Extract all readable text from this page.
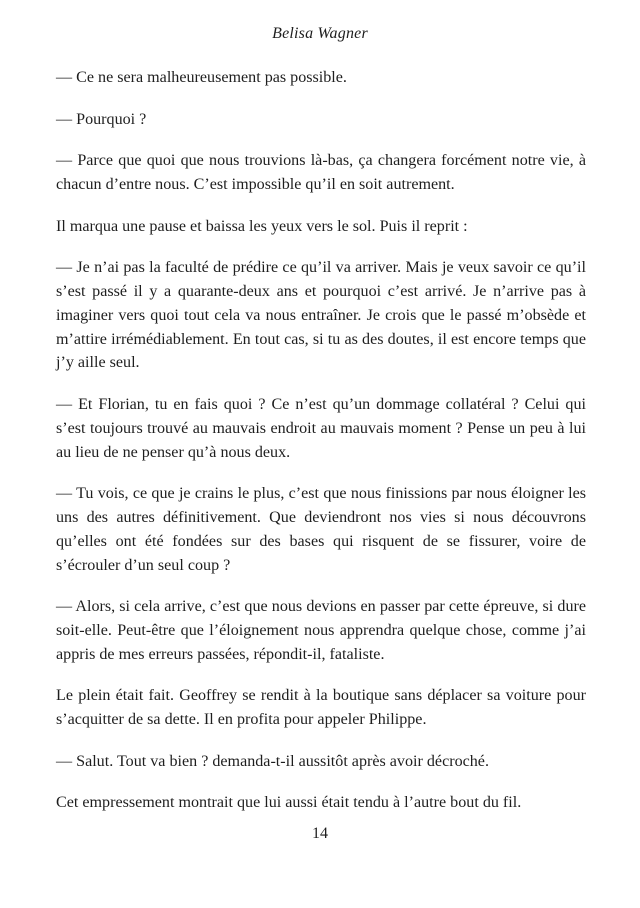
Belisa Wagner

— Ce ne sera malheureusement pas possible.

— Pourquoi ?

— Parce que quoi que nous trouvions là-bas, ça changera forcément notre vie, à chacun d’entre nous. C’est impossible qu’il en soit autrement.

Il marqua une pause et baissa les yeux vers le sol. Puis il reprit :

— Je n’ai pas la faculté de prédire ce qu’il va arriver. Mais je veux savoir ce qu’il s’est passé il y a quarante-deux ans et pourquoi c’est arrivé. Je n’arrive pas à imaginer vers quoi tout cela va nous entraîner. Je crois que le passé m’obsède et m’attire irrémédiablement. En tout cas, si tu as des doutes, il est encore temps que j’y aille seul.

— Et Florian, tu en fais quoi ? Ce n’est qu’un dommage collatéral ? Celui qui s’est toujours trouvé au mauvais endroit au mauvais moment ? Pense un peu à lui au lieu de ne penser qu’à nous deux.

— Tu vois, ce que je crains le plus, c’est que nous finissions par nous éloigner les uns des autres définitivement. Que deviendront nos vies si nous découvrons qu’elles ont été fondées sur des bases qui risquent de se fissurer, voire de s’écrouler d’un seul coup ?

— Alors, si cela arrive, c’est que nous devions en passer par cette épreuve, si dure soit-elle. Peut-être que l’éloignement nous apprendra quelque chose, comme j’ai appris de mes erreurs passées, répondit-il, fataliste.

Le plein était fait. Geoffrey se rendit à la boutique sans déplacer sa voiture pour s’acquitter de sa dette. Il en profita pour appeler Philippe.

— Salut. Tout va bien ? demanda-t-il aussitôt après avoir décroché.

Cet empressement montrait que lui aussi était tendu à l’autre bout du fil.

14
